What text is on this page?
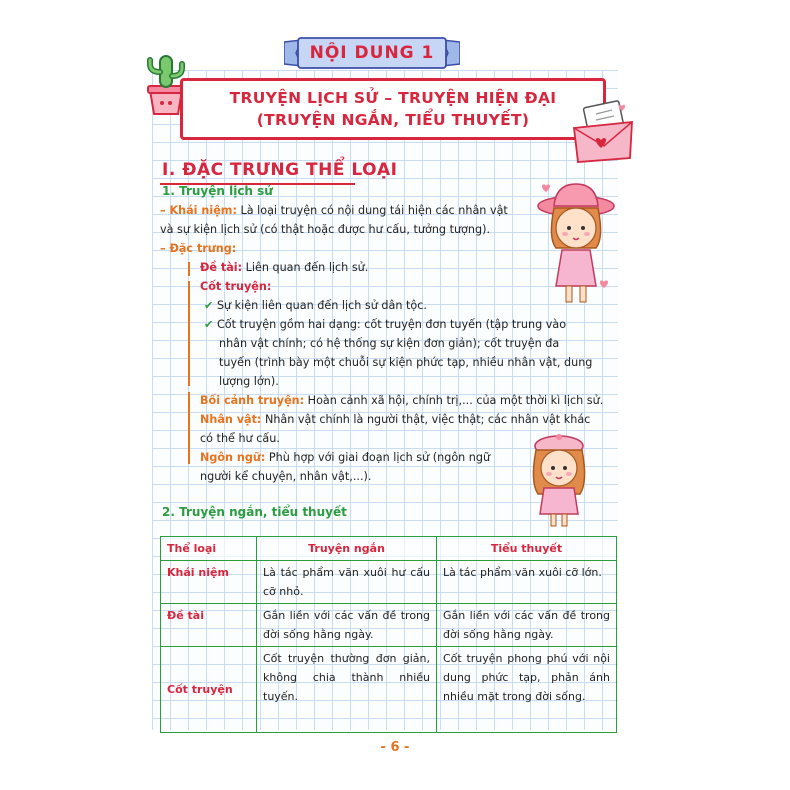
NỘI DUNG 1
TRUYỆN LỊCH SỬ – TRUYỆN HIỆN ĐẠI
(TRUYỆN NGẮN, TIỂU THUYẾT)
I. ĐẶC TRƯNG THỂ LOẠI
1. Truyện lịch sử
– Khái niệm: Là loại truyện có nội dung tái hiện các nhân vật
và sự kiện lịch sử (có thật hoặc được hư cấu, tưởng tượng).
– Đặc trưng:
Đề tài: Liên quan đến lịch sử.
Cốt truyện:
✔ Sự kiện liên quan đến lịch sử dân tộc.
✔ Cốt truyện gồm hai dạng: cốt truyện đơn tuyến (tập trung vào
nhân vật chính; có hệ thống sự kiện đơn giản); cốt truyện đa
tuyến (trình bày một chuỗi sự kiện phức tạp, nhiều nhân vật, dung
lượng lớn).
Bối cảnh truyện: Hoàn cảnh xã hội, chính trị,... của một thời kì lịch sử.
Nhân vật: Nhân vật chính là người thật, việc thật; các nhân vật khác
có thể hư cấu.
Ngôn ngữ: Phù hợp với giai đoạn lịch sử (ngôn ngữ
người kể chuyện, nhân vật,...).
2. Truyện ngắn, tiểu thuyết
Thể loại	Truyện ngắn	Tiểu thuyết
Khái niệm	Là tác phẩm văn xuôi hư cấu cỡ nhỏ.	Là tác phẩm văn xuôi cỡ lớn.
Đề tài	Gắn liền với các vấn đề trong đời sống hằng ngày.	Gắn liền với các vấn đề trong đời sống hằng ngày.
Cốt truyện	Cốt truyện thường đơn giản, không chia thành nhiều tuyến.	Cốt truyện phong phú với nội dung phức tạp, phản ánh nhiều mặt trong đời sống.
- 6 -
